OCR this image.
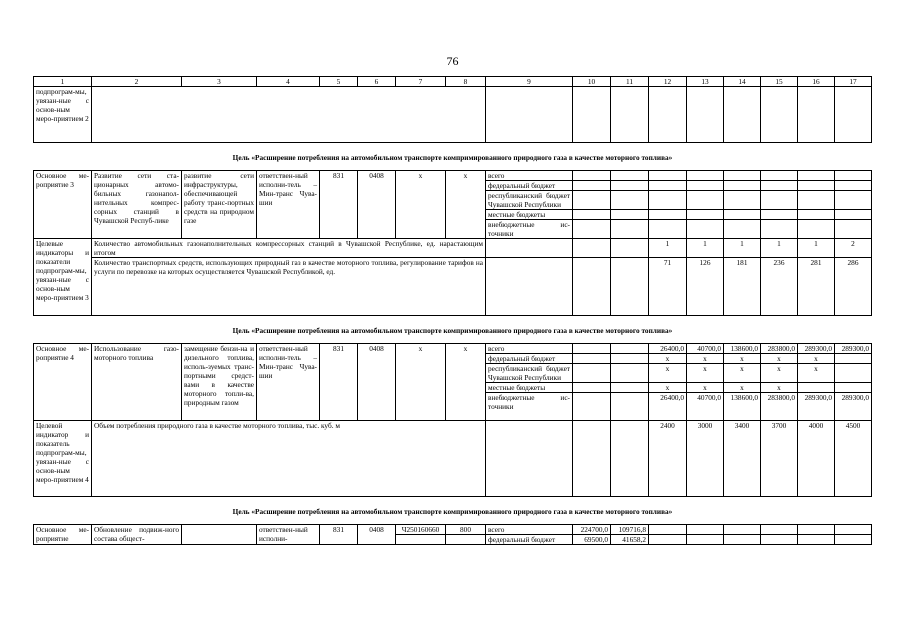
76
1	2	3	4	5	6	7	8	9	10	11	12	13	14	15	16	17
подпрограм-мы, увязан-ные с основ-ным меро-приятием 2																

Цель «Расширение потребления на автомобильном транспорте компримированного природного газа в качестве моторного топлива»																

Основное ме-роприятие 3	Развитие сети ста-ционарных автомо-бильных газонапол-нительных компрес-сорных станций в Чувашской Респуб-лике	развитие сети инфраструктуры, обеспечивающей работу транс-портных средств на природном газе	ответствен-ный исполни-тель – Мин-транс Чува-шии	831	0408	x	x	всего								
								федеральный бюджет								
								республиканский бюджет Чувашской Республики								
								местные бюджеты								
								внебюджетные ис-точники								
Целевые индикаторы и показатели подпрограм-мы, увязан-ные с основ-ным меро-приятием 3	Количество автомобильных газонаполнительных компрессорных станций в Чувашской Республике, ед. нарастающим итогом										1	1	1	1	1	2
	Количество транспортных средств, использующих природный газ в качестве моторного топлива, регулирование тарифов на услуги по перевозке на которых осуществляется Чувашской Республикой, ед.										71	126	181	236	281	286

Цель «Расширение потребления на автомобильном транспорте компримированного природного газа в качестве моторного топлива»																

Основное ме-роприятие 4	Использование газо-моторного топлива	замещение бензи-на и дизельного топлива, исполь-зуемых транс-портными средст-вами в качестве моторного топли-ва, природным газом	ответствен-ный исполни-тель – Мин-транс Чува-шии	831	0408	x	x	всего			26400,0	40700,0	138600,0	283800,0	289300,0	289300,0
								федеральный бюджет			x	x	x	x	x	
								республиканский бюджет Чувашской Республики			x	x	x	x	x	
								местные бюджеты			x	x	x	x		
								внебюджетные ис-точники			26400,0	40700,0	138600,0	283800,0	289300,0	289300,0
Целевой индикатор и показатель подпрограм-мы, увязан-ные с основ-ным меро-приятием 4	Объем потребления природного газа в качестве моторного топлива, тыс. куб. м										2400	3000	3400	3700	4000	4500

Цель «Расширение потребления на автомобильном транспорте компримированного природного газа в качестве моторного топлива»																

Основное ме-роприятие	Обновление подвиж-ного состава общест-		ответствен-ный исполни-	831	0408	Ч250160660	800	всего	224700,0	109716,8						
								федеральный бюджет	69500,0	41658,2						
